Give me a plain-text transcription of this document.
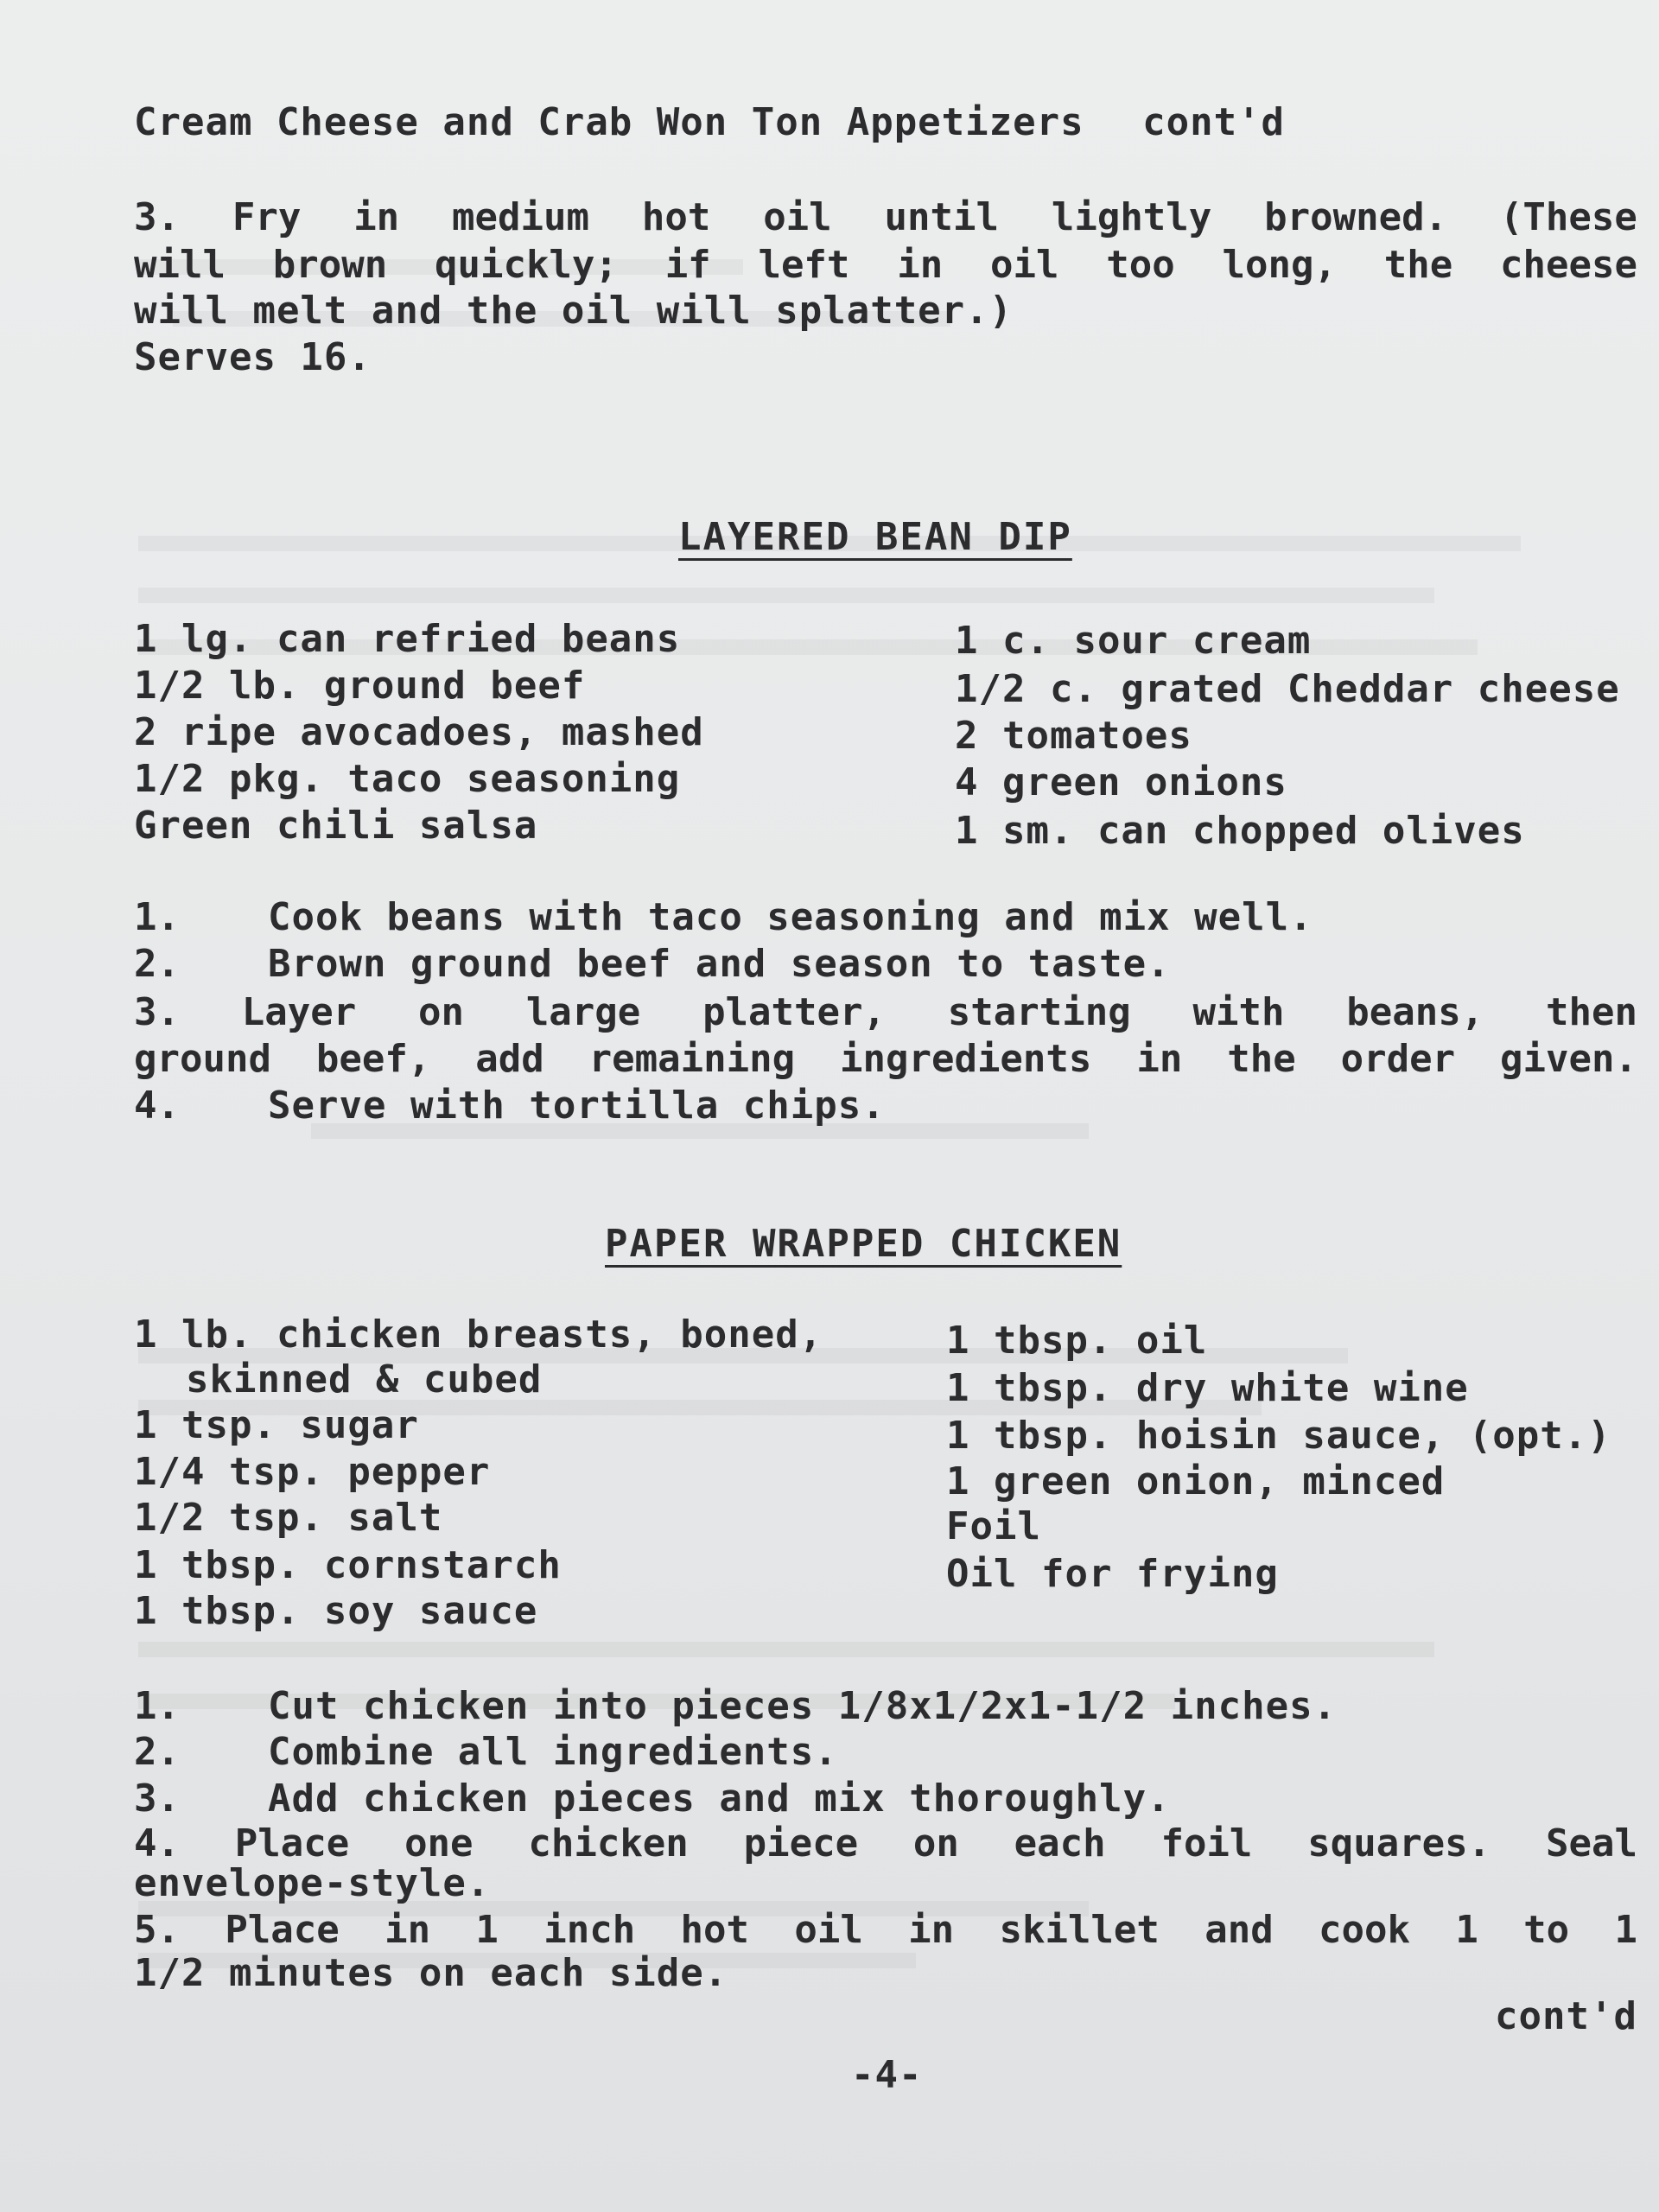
Cream Cheese and Crab Won Ton Appetizers cont'd
3. Fry in medium hot oil until lightly browned. (These
will brown quickly; if left in oil too long, the cheese
will melt and the oil will splatter.)
Serves 16.
LAYERED BEAN DIP
1 lg. can refried beans
1/2 lb. ground beef
2 ripe avocadoes, mashed
1/2 pkg. taco seasoning
Green chili salsa
1 c. sour cream
1/2 c. grated Cheddar cheese
2 tomatoes
4 green onions
1 sm. can chopped olives
1. Cook beans with taco seasoning and mix well.
2. Brown ground beef and season to taste.
3. Layer on large platter, starting with beans, then
ground beef, add remaining ingredients in the order given.
4. Serve with tortilla chips.
PAPER WRAPPED CHICKEN
1 lb. chicken breasts, boned,
skinned & cubed
1 tsp. sugar
1/4 tsp. pepper
1/2 tsp. salt
1 tbsp. cornstarch
1 tbsp. soy sauce
1 tbsp. oil
1 tbsp. dry white wine
1 tbsp. hoisin sauce, (opt.)
1 green onion, minced
Foil
Oil for frying
1. Cut chicken into pieces 1/8x1/2x1-1/2 inches.
2. Combine all ingredients.
3. Add chicken pieces and mix thoroughly.
4. Place one chicken piece on each foil squares. Seal
envelope-style.
5. Place in 1 inch hot oil in skillet and cook 1 to 1
1/2 minutes on each side.
cont'd
-4-
